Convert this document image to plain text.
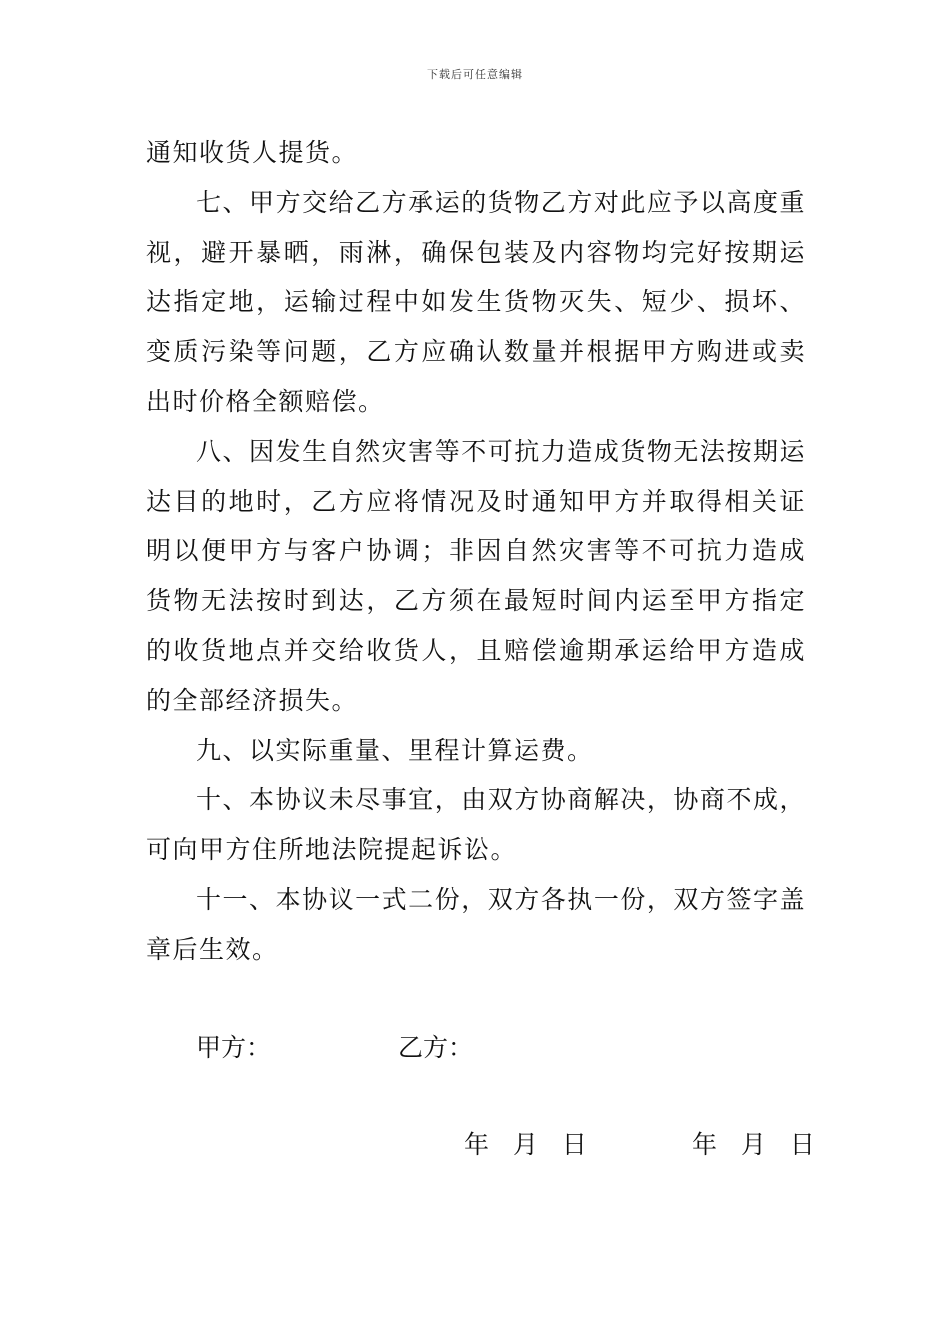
下载后可任意编辑

通知收货人提货。

七、甲方交给乙方承运的货物乙方对此应予以高度重视，避开暴晒，雨淋，确保包装及内容物均完好按期运达指定地，运输过程中如发生货物灭失、短少、损坏、变质污染等问题，乙方应确认数量并根据甲方购进或卖出时价格全额赔偿。

八、因发生自然灾害等不可抗力造成货物无法按期运达目的地时，乙方应将情况及时通知甲方并取得相关证明以便甲方与客户协调；非因自然灾害等不可抗力造成货物无法按时到达，乙方须在最短时间内运至甲方指定的收货地点并交给收货人，且赔偿逾期承运给甲方造成的全部经济损失。

九、以实际重量、里程计算运费。

十、本协议未尽事宜，由双方协商解决，协商不成，可向甲方住所地法院提起诉讼。

十一、本协议一式二份，双方各执一份，双方签字盖章后生效。

甲方：	乙方：
年 月 日	年 月 日
